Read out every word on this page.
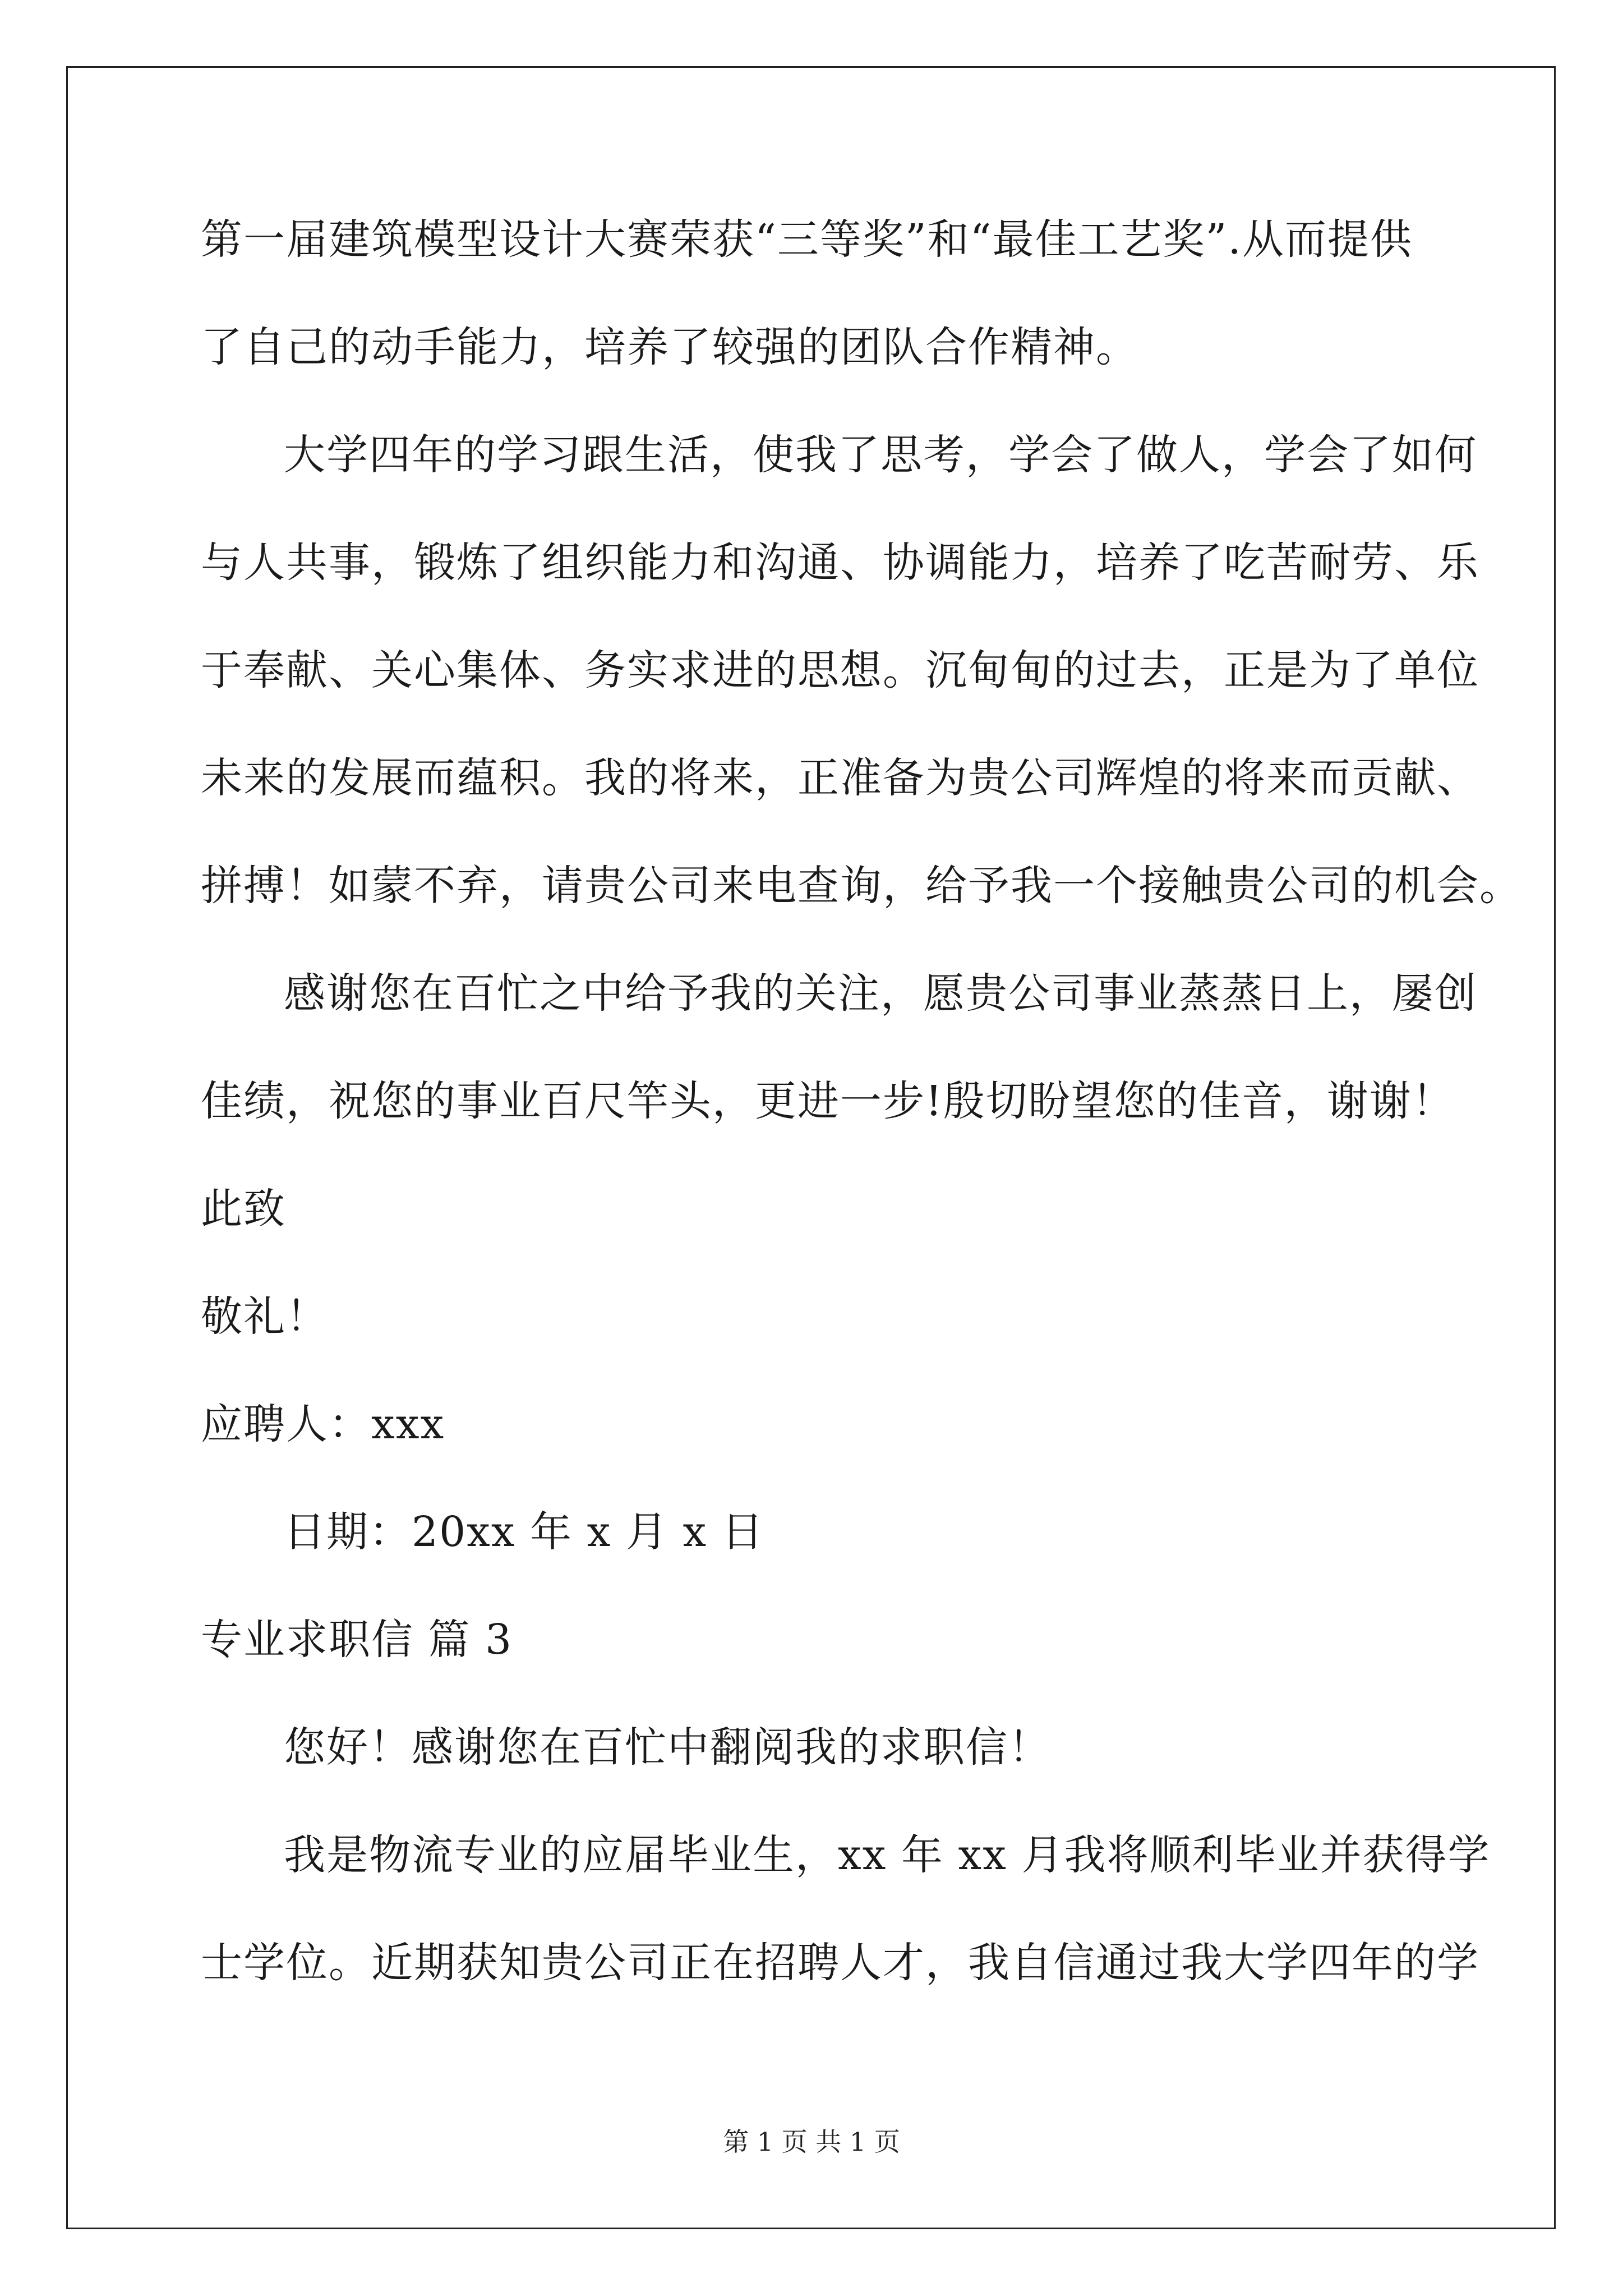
第一届建筑模型设计大赛荣获“三等奖”和“最佳工艺奖”.从而提供
了自己的动手能力，培养了较强的团队合作精神。
大学四年的学习跟生活，使我了思考，学会了做人，学会了如何
与人共事，锻炼了组织能力和沟通、协调能力，培养了吃苦耐劳、乐
于奉献、关心集体、务实求进的思想。沉甸甸的过去，正是为了单位
未来的发展而蕴积。我的将来，正准备为贵公司辉煌的将来而贡献、
拼搏！如蒙不弃，请贵公司来电查询，给予我一个接触贵公司的机会。
感谢您在百忙之中给予我的关注，愿贵公司事业蒸蒸日上，屡创
佳绩，祝您的事业百尺竿头，更进一步!殷切盼望您的佳音，谢谢！
此致
敬礼！
应聘人：xxx
日期：20xx 年 x 月 x 日
专业求职信 篇 3
您好！感谢您在百忙中翻阅我的求职信！
我是物流专业的应届毕业生，xx 年 xx 月我将顺利毕业并获得学
士学位。近期获知贵公司正在招聘人才，我自信通过我大学四年的学
第 1 页 共 1 页
